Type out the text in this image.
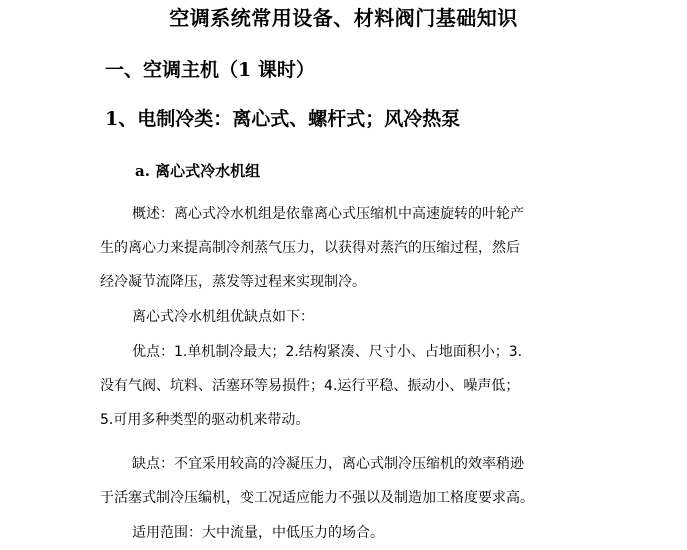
空调系统常用设备、材料阀门基础知识
一、空调主机（1 课时）
1、电制冷类：离心式、螺杆式；风冷热泵
a. 离心式冷水机组
概述：离心式冷水机组是依靠离心式压缩机中高速旋转的叶轮产
生的离心力来提高制冷剂蒸气压力，以获得对蒸汽的压缩过程，然后
经冷凝节流降压，蒸发等过程来实现制冷。
离心式冷水机组优缺点如下：
优点：1.单机制冷最大；2.结构紧凑、尺寸小、占地面积小；3.
没有气阀、坑料、活塞环等易损件；4.运行平稳、振动小、噪声低；
5.可用多种类型的驱动机来带动。
缺点：不宜采用较高的冷凝压力，离心式制冷压缩机的效率稍逊
于活塞式制冷压编机，变工况适应能力不强以及制造加工格度要求高。
适用范围：大中流量，中低压力的场合。
